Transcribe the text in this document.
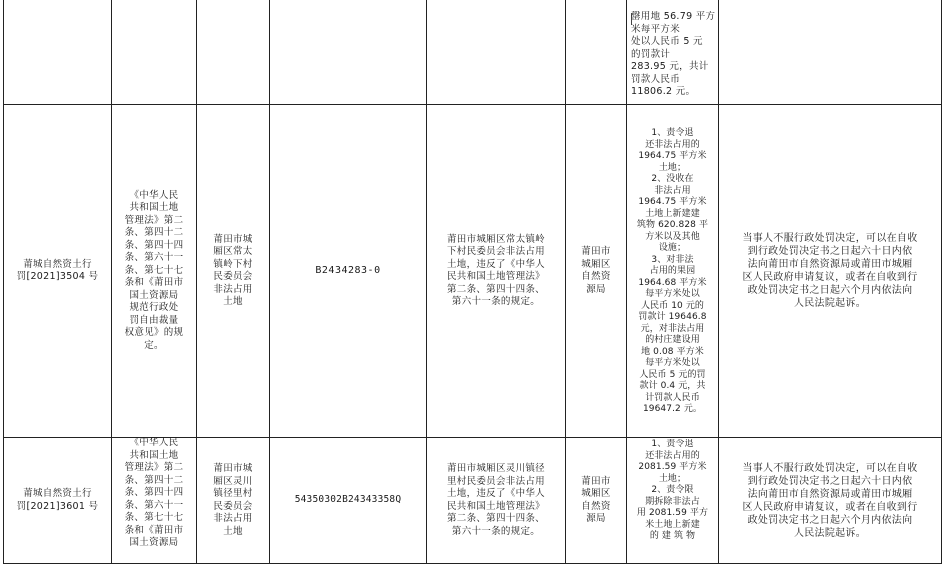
罄用地 56.79 平方米每平方米
处以人民币 5 元
的罚款计
283.95 元，共计
罚款人民币
11806.2 元。
莆城自然资土行
罚[2021]3504 号
《中华人民
共和国土地
管理法》第二
条、第四十二
条、第四十四
条、第六十一
条、第七十七
条和《莆田市
国土资源局
规范行政处
罚自由裁量
权意见》的规
定。
莆田市城
厢区常太
镇岭下村
民委员会
非法占用
土地
B2434283-0
莆田市城厢区常太镇岭
下村民委员会非法占用
土地，违反了《中华人
民共和国土地管理法》
第二条、第四十四条、
第六十一条的规定。
莆田市
城厢区
自然资
源局
1、责令退
还非法占用的
1964.75 平方米
土地；
2、没收在
非法占用
1964.75 平方米
土地上新建建
筑物 620.828 平
方米以及其他
设施；
3、对非法
占用的果园
1964.68 平方米
每平方米处以
人民币 10 元的
罚款计 19646.8
元，对非法占用
的村庄建设用
地 0.08 平方米
每平方米处以
人民币 5 元的罚
款计 0.4 元，共
计罚款人民币
19647.2 元。
当事人不服行政处罚决定，可以在自收
到行政处罚决定书之日起六十日内依
法向莆田市自然资源局或莆田市城厢
区人民政府申请复议，或者在自收到行
政处罚决定书之日起六个月内依法向
人民法院起诉。
莆城自然资土行
罚[2021]3601 号
《中华人民
共和国土地
管理法》第二
条、第四十二
条、第四十四
条、第六十一
条、第七十七
条和《莆田市
国土资源局
莆田市城
厢区灵川
镇径里村
民委员会
非法占用
土地
54350302B24343358Q
莆田市城厢区灵川镇径
里村民委员会非法占用
土地，违反了《中华人
民共和国土地管理法》
第二条、第四十四条、
第六十一条的规定。
莆田市
城厢区
自然资
源局
1、责令退
还非法占用的
2081.59 平方米
土地；
2、责令限
期拆除非法占
用 2081.59 平方
米土地上新建
的 建 筑 物
当事人不服行政处罚决定，可以在自收
到行政处罚决定书之日起六十日内依
法向莆田市自然资源局或莆田市城厢
区人民政府申请复议，或者在自收到行
政处罚决定书之日起六个月内依法向
人民法院起诉。
